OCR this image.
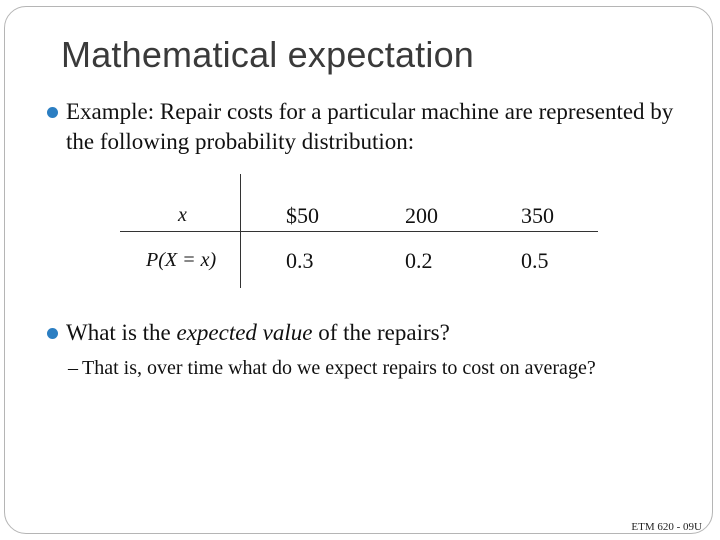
Mathematical expectation
Example: Repair costs for a particular machine are represented by the following probability distribution:
x	$50	200	350
P(X = x)	0.3	0.2	0.5
What is the expected value of the repairs?
– That is, over time what do we expect repairs to cost on average?
ETM 620 - 09U
